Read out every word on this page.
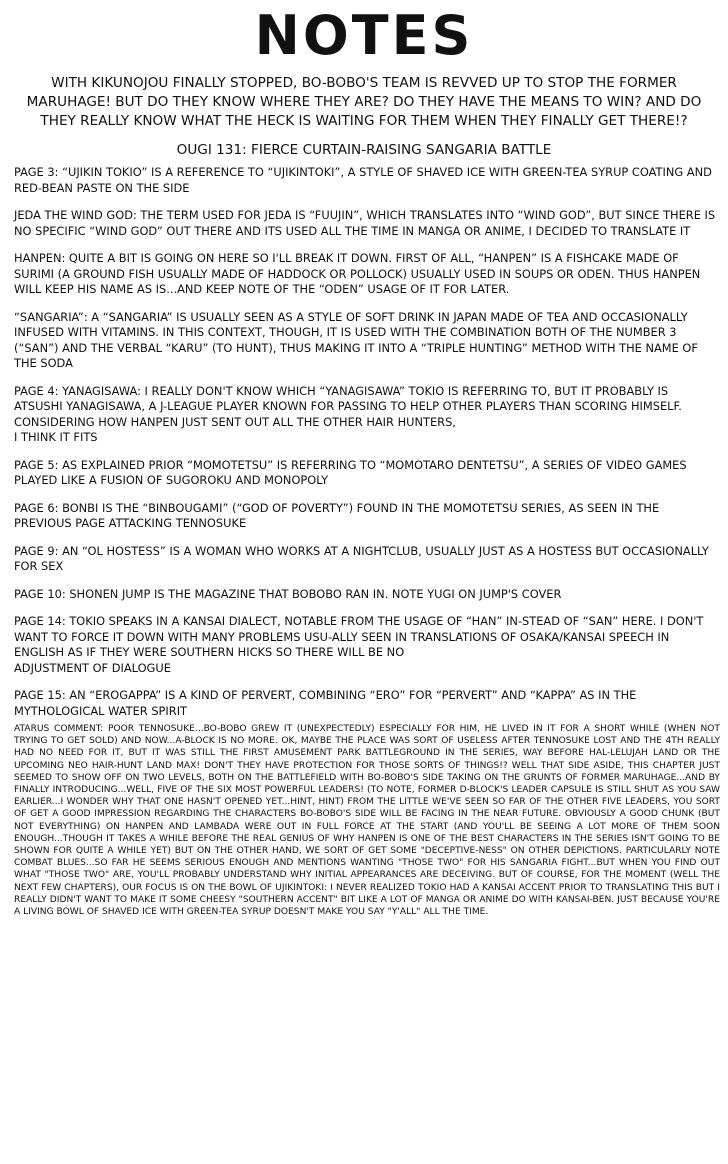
NOTES
WITH KIKUNOJOU FINALLY STOPPED, BO-BOBO'S TEAM IS REVVED UP TO STOP THE FORMER MARUHAGE! BUT DO THEY KNOW WHERE THEY ARE? DO THEY HAVE THE MEANS TO WIN? AND DO THEY REALLY KNOW WHAT THE HECK IS WAITING FOR THEM WHEN THEY FINALLY GET THERE!?
OUGI 131: FIERCE CURTAIN-RAISING SANGARIA BATTLE
PAGE 3: “UJIKIN TOKIO” IS A REFERENCE TO “UJIKINTOKI”, A STYLE OF SHAVED ICE WITH GREEN-TEA SYRUP COATING AND RED-BEAN PASTE ON THE SIDE
JEDA THE WIND GOD: THE TERM USED FOR JEDA IS “FUUJIN”, WHICH TRANSLATES INTO “WIND GOD”, BUT SINCE THERE IS NO SPECIFIC “WIND GOD” OUT THERE AND ITS USED ALL THE TIME IN MANGA OR ANIME, I DECIDED TO TRANSLATE IT
HANPEN: QUITE A BIT IS GOING ON HERE SO I'LL BREAK IT DOWN. FIRST OF ALL, “HANPEN” IS A FISHCAKE MADE OF SURIMI (A GROUND FISH USUALLY MADE OF HADDOCK OR POLLOCK) USUALLY USED IN SOUPS OR ODEN. THUS HANPEN WILL KEEP HIS NAME AS IS...AND KEEP NOTE OF THE “ODEN” USAGE OF IT FOR LATER.
“SANGARIA”: A “SANGARIA” IS USUALLY SEEN AS A STYLE OF SOFT DRINK IN JAPAN MADE OF TEA AND OCCASIONALLY INFUSED WITH VITAMINS. IN THIS CONTEXT, THOUGH, IT IS USED WITH THE COMBINATION BOTH OF THE NUMBER 3 (“SAN”) AND THE VERBAL “KARU” (TO HUNT), THUS MAKING IT INTO A “TRIPLE HUNTING” METHOD WITH THE NAME OF THE SODA
PAGE 4: YANAGISAWA: I REALLY DON'T KNOW WHICH “YANAGISAWA” TOKIO IS REFERRING TO, BUT IT PROBABLY IS ATSUSHI YANAGISAWA, A J-LEAGUE PLAYER KNOWN FOR PASSING TO HELP OTHER PLAYERS THAN SCORING HIMSELF.
CONSIDERING HOW HANPEN JUST SENT OUT ALL THE OTHER HAIR HUNTERS,
I THINK IT FITS
PAGE 5: AS EXPLAINED PRIOR “MOMOTETSU” IS REFERRING TO “MOMOTARO DENTETSU”, A SERIES OF VIDEO GAMES PLAYED LIKE A FUSION OF SUGOROKU AND MONOPOLY
PAGE 6: BONBI IS THE “BINBOUGAMI” (“GOD OF POVERTY”) FOUND IN THE MOMOTETSU SERIES, AS SEEN IN THE PREVIOUS PAGE ATTACKING TENNOSUKE
PAGE 9: AN “OL HOSTESS” IS A WOMAN WHO WORKS AT A NIGHTCLUB, USUALLY JUST AS A HOSTESS BUT OCCASIONALLY FOR SEX
PAGE 10: SHONEN JUMP IS THE MAGAZINE THAT BOBOBO RAN IN. NOTE YUGI ON JUMP'S COVER
PAGE 14: TOKIO SPEAKS IN A KANSAI DIALECT, NOTABLE FROM THE USAGE OF “HAN” IN-STEAD OF “SAN” HERE. I DON'T WANT TO FORCE IT DOWN WITH MANY PROBLEMS USU-ALLY SEEN IN TRANSLATIONS OF OSAKA/KANSAI SPEECH IN
ENGLISH AS IF THEY WERE SOUTHERN HICKS SO THERE WILL BE NO
ADJUSTMENT OF DIALOGUE
PAGE 15: AN “EROGAPPA” IS A KIND OF PERVERT, COMBINING “ERO” FOR “PERVERT” AND “KAPPA” AS IN THE MYTHOLOGICAL WATER SPIRIT
ATARUS COMMENT: POOR TENNOSUKE...BO-BOBO GREW IT (UNEXPECTEDLY) ESPECIALLY FOR HIM, HE LIVED IN IT FOR A SHORT WHILE (WHEN NOT TRYING TO GET SOLD) AND NOW...A-BLOCK IS NO MORE. OK, MAYBE THE PLACE WAS SORT OF USELESS AFTER TENNOSUKE LOST AND THE 4TH REALLY HAD NO NEED FOR IT, BUT IT WAS STILL THE FIRST AMUSEMENT PARK BATTLEGROUND IN THE SERIES, WAY BEFORE HAL-LELUJAH LAND OR THE UPCOMING NEO HAIR-HUNT LAND MAX! DON'T THEY HAVE PROTECTION FOR THOSE SORTS OF THINGS!? WELL THAT SIDE ASIDE, THIS CHAPTER JUST SEEMED TO SHOW OFF ON TWO LEVELS, BOTH ON THE BATTLEFIELD WITH BO-BOBO'S SIDE TAKING ON THE GRUNTS OF FORMER MARUHAGE...AND BY FINALLY INTRODUCING...WELL, FIVE OF THE SIX MOST POWERFUL LEADERS! (TO NOTE, FORMER D-BLOCK'S LEADER CAPSULE IS STILL SHUT AS YOU SAW EARLIER...I WONDER WHY THAT ONE HASN'T OPENED YET...HINT, HINT) FROM THE LITTLE WE'VE SEEN SO FAR OF THE OTHER FIVE LEADERS, YOU SORT OF GET A GOOD IMPRESSION REGARDING THE CHARACTERS BO-BOBO'S SIDE WILL BE FACING IN THE NEAR FUTURE. OBVIOUSLY A GOOD CHUNK (BUT NOT EVERYTHING) ON HANPEN AND LAMBADA WERE OUT IN FULL FORCE AT THE START (AND YOU'LL BE SEEING A LOT MORE OF THEM SOON ENOUGH...THOUGH IT TAKES A WHILE BEFORE THE REAL GENIUS OF WHY HANPEN IS ONE OF THE BEST CHARACTERS IN THE SERIES ISN'T GOING TO BE SHOWN FOR QUITE A WHILE YET) BUT ON THE OTHER HAND, WE SORT OF GET SOME "DECEPTIVE-NESS" ON OTHER DEPICTIONS. PARTICULARLY NOTE COMBAT BLUES...SO FAR HE SEEMS SERIOUS ENOUGH AND MENTIONS WANTING "THOSE TWO" FOR HIS SANGARIA FIGHT...BUT WHEN YOU FIND OUT WHAT "THOSE TWO" ARE, YOU'LL PROBABLY UNDERSTAND WHY INITIAL APPEARANCES ARE DECEIVING. BUT OF COURSE, FOR THE MOMENT (WELL THE NEXT FEW CHAPTERS), OUR FOCUS IS ON THE BOWL OF UJIKINTOKI: I NEVER REALIZED TOKIO HAD A KANSAI ACCENT PRIOR TO TRANSLATING THIS BUT I REALLY DIDN'T WANT TO MAKE IT SOME CHEESY "SOUTHERN ACCENT" BIT LIKE A LOT OF MANGA OR ANIME DO WITH KANSAI-BEN. JUST BECAUSE YOU'RE A LIVING BOWL OF SHAVED ICE WITH GREEN-TEA SYRUP DOESN'T MAKE YOU SAY "Y'ALL" ALL THE TIME.
